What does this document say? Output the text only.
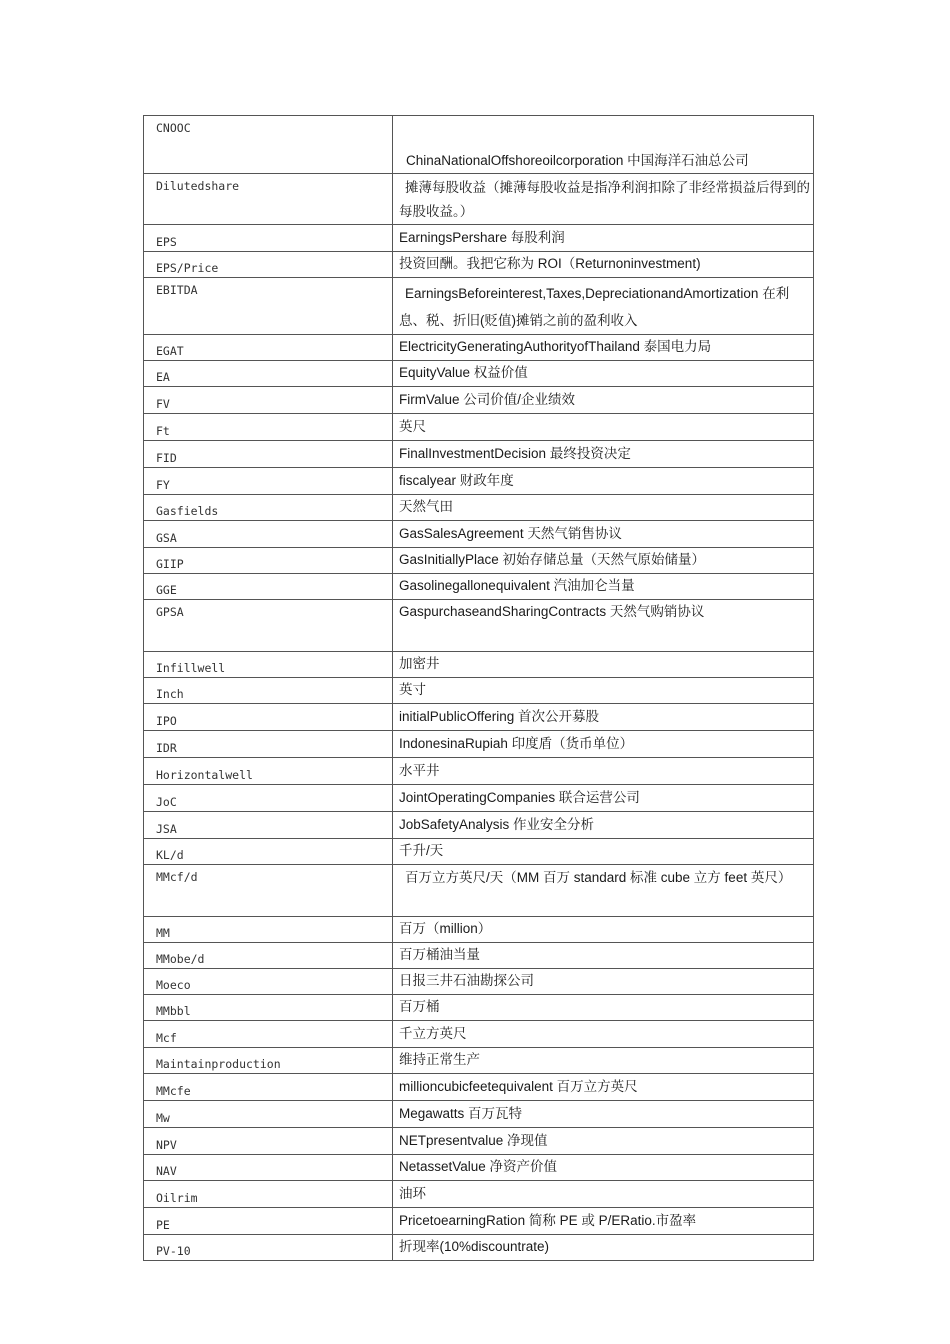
CNOOC	ChinaNationalOffshoreoilcorporation 中国海洋石油总公司

Dilutedshare	摊薄每股收益（摊薄每股收益是指净利润扣除了非经常损益后得到的每股收益。）

EPS	EarningsPershare 每股利润

EPS/Price	投资回酬。我把它称为 ROI（Returnoninvestment)

EBITDA	EarningsBeforeinterest,Taxes,DepreciationandAmortization 在利息、税、折旧(贬值)摊销之前的盈利收入

EGAT	ElectricityGeneratingAuthorityofThailand 泰国电力局

EA	EquityValue 权益价值

FV	FirmValue 公司价值/企业绩效

Ft	英尺

FID	FinalInvestmentDecision 最终投资决定

FY	fiscalyear 财政年度

Gasfields	天然气田

GSA	GasSalesAgreement 天然气销售协议

GIIP	GasInitiallyPlace 初始存储总量（天然气原始储量）

GGE	Gasolinegallonequivalent 汽油加仑当量

GPSA	GaspurchaseandSharingContracts 天然气购销协议

Infillwell	加密井

Inch	英寸

IPO	initialPublicOffering 首次公开募股

IDR	IndonesinaRupiah 印度盾（货币单位）

Horizontalwell	水平井

JoC	JointOperatingCompanies 联合运营公司

JSA	JobSafetyAnalysis 作业安全分析

KL/d	千升/天

MMcf/d	百万立方英尺/天（MM 百万 standard 标准 cube 立方 feet 英尺）

MM	百万（million）

MMobe/d	百万桶油当量

Moeco	日报三井石油勘探公司

MMbbl	百万桶

Mcf	千立方英尺

Maintainproduction	维持正常生产

MMcfe	millioncubicfeetequivalent 百万立方英尺

Mw	Megawatts 百万瓦特

NPV	NETpresentvalue 净现值

NAV	NetassetValue 净资产价值

Oilrim	油环

PE	PricetoearningRation 简称 PE 或 P/ERatio.市盈率

PV-10	折现率(10%discountrate)
